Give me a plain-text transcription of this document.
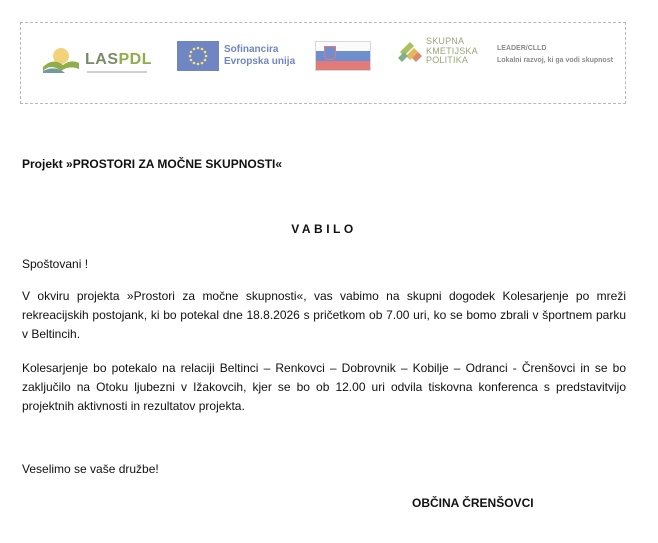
LASPDL
Sofinancira
Evropska unija
SKUPNA
KMETIJSKA
POLITIKA
LEADER/CLLD
Lokalni razvoj, ki ga vodi skupnost
Projekt »PROSTORI ZA MOČNE SKUPNOSTI«
VABILO
Spoštovani !

V okviru projekta »Prostori za močne skupnosti«, vas vabimo na skupni dogodek Kolesarjenje po mreži rekreacijskih postojank, ki bo potekal dne 18.8.2026 s pričetkom ob 7.00 uri, ko se bomo zbrali v športnem parku v Beltincih.

Kolesarjenje bo potekalo na relaciji Beltinci – Renkovci – Dobrovnik – Kobilje – Odranci - Črenšovci in se bo zaključilo na Otoku ljubezni v Ižakovcih, kjer se bo ob 12.00 uri odvila tiskovna konferenca s predstavitvijo projektnih aktivnosti in rezultatov projekta.

Veselimo se vaše družbe!
OBČINA ČRENŠOVCI
